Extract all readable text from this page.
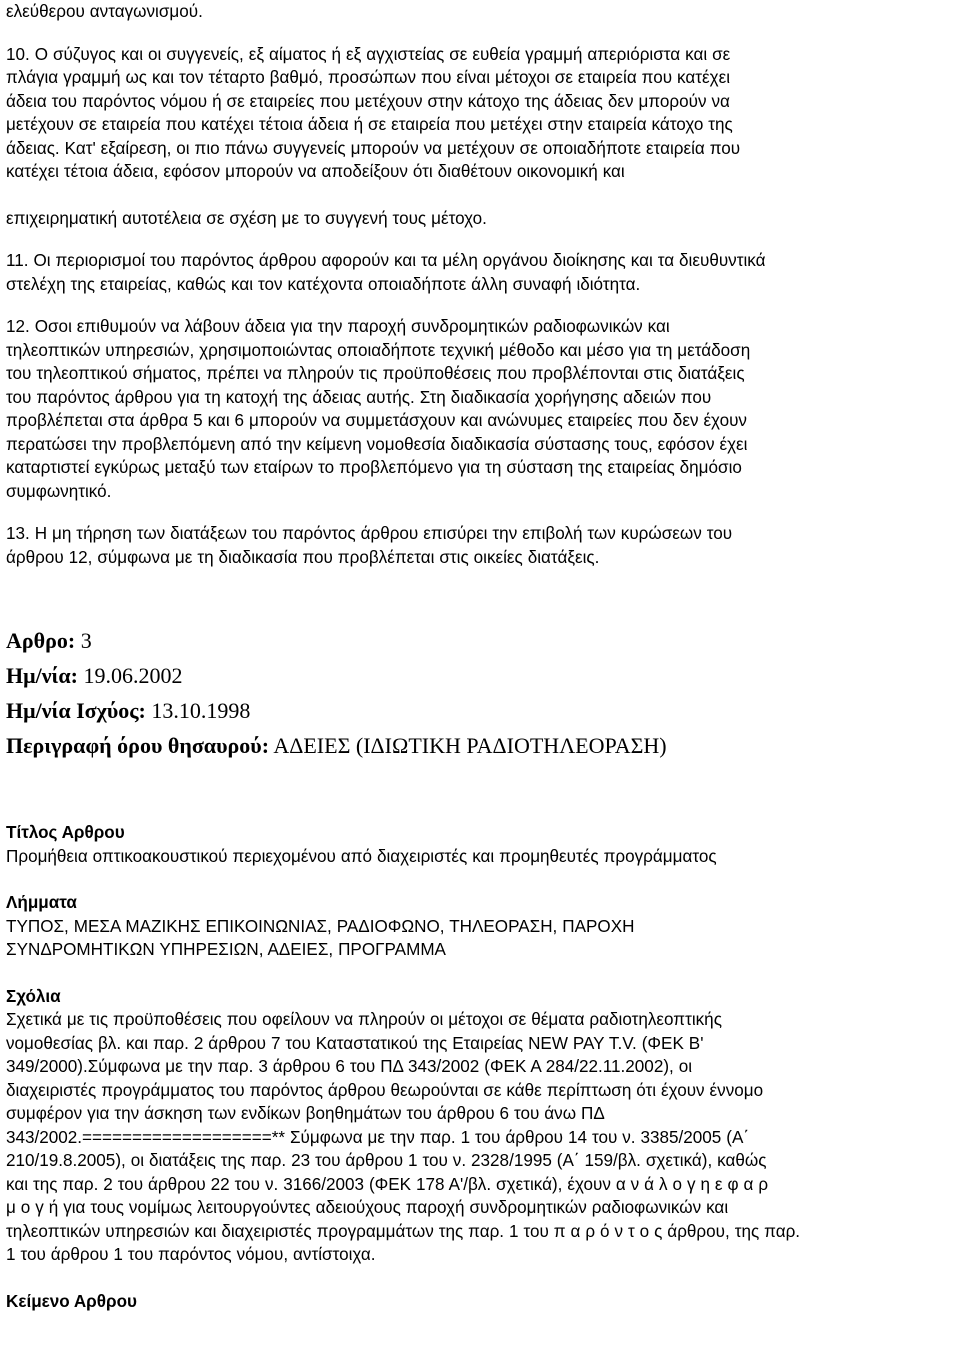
ελεύθερου ανταγωνισμού.

10. Ο σύζυγος και οι συγγενείς, εξ αίματος ή εξ αγχιστείας σε ευθεία γραμμή απεριόριστα και σε

πλάγια γραμμή ως και τον τέταρτο βαθμό, προσώπων που είναι μέτοχοι σε εταιρεία που κατέχει

άδεια του παρόντος νόμου ή σε εταιρείες που μετέχουν στην κάτοχο της άδειας δεν μπορούν να

μετέχουν σε εταιρεία που κατέχει τέτοια άδεια ή σε εταιρεία που μετέχει στην εταιρεία κάτοχο της

άδειας. Κατ' εξαίρεση, οι πιο πάνω συγγενείς μπορούν να μετέχουν σε οποιαδήποτε εταιρεία που

κατέχει τέτοια άδεια, εφόσον μπορούν να αποδείξουν ότι διαθέτουν οικονομική και

επιχειρηματική αυτοτέλεια σε σχέση με το συγγενή τους μέτοχο.

11. Οι περιορισμοί του παρόντος άρθρου αφορούν και τα μέλη οργάνου διοίκησης και τα διευθυντικά

στελέχη της εταιρείας, καθώς και τον κατέχοντα οποιαδήποτε άλλη συναφή ιδιότητα.

12. Οσοι επιθυμούν να λάβουν άδεια για την παροχή συνδρομητικών ραδιοφωνικών και

τηλεοπτικών υπηρεσιών, χρησιμοποιώντας οποιαδήποτε τεχνική μέθοδο και μέσο για τη μετάδοση

του τηλεοπτικού σήματος, πρέπει να πληρούν τις προϋποθέσεις που προβλέπονται στις διατάξεις

του παρόντος άρθρου για τη κατοχή της άδειας αυτής. Στη διαδικασία χορήγησης αδειών που

προβλέπεται στα άρθρα 5 και 6 μπορούν να συμμετάσχουν και ανώνυμες εταιρείες που δεν έχουν

περατώσει την προβλεπόμενη από την κείμενη νομοθεσία διαδικασία σύστασης τους, εφόσον έχει

καταρτιστεί εγκύρως μεταξύ των εταίρων το προβλεπόμενο για τη σύσταση της εταιρείας δημόσιο

συμφωνητικό.

13. Η μη τήρηση των διατάξεων του παρόντος άρθρου επισύρει την επιβολή των κυρώσεων του

άρθρου 12, σύμφωνα με τη διαδικασία που προβλέπεται στις οικείες διατάξεις.

Αρθρο: 3

Ημ/νία: 19.06.2002

Ημ/νία Ισχύος: 13.10.1998

Περιγραφή όρου θησαυρού: ΑΔΕΙΕΣ (ΙΔΙΩΤΙΚΗ ΡΑΔΙΟΤΗΛΕΟΡΑΣΗ)

Τίτλος Αρθρου

Προμήθεια οπτικοακουστικού περιεχομένου από διαχειριστές και προμηθευτές προγράμματος

Λήμματα

ΤΥΠΟΣ, ΜΕΣΑ ΜΑΖΙΚΗΣ ΕΠΙΚΟΙΝΩΝΙΑΣ, ΡΑΔΙΟΦΩΝΟ, ΤΗΛΕΟΡΑΣΗ, ΠΑΡΟΧΗ

ΣΥΝΔΡΟΜΗΤΙΚΩΝ ΥΠΗΡΕΣΙΩΝ, ΑΔΕΙΕΣ, ΠΡΟΓΡΑΜΜΑ

Σχόλια

Σχετικά με τις προϋποθέσεις που οφείλουν να πληρούν οι μέτοχοι σε θέματα ραδιοτηλεοπτικής

νομοθεσίας βλ. και παρ. 2 άρθρου 7 του Καταστατικού της Εταιρείας NEW PAY T.V. (ΦΕΚ Β'

349/2000).Σύμφωνα με την παρ. 3 άρθρου 6 του ΠΔ 343/2002 (ΦΕΚ Α 284/22.11.2002), οι

διαχειριστές προγράμματος του παρόντος άρθρου θεωρούνται σε κάθε περίπτωση ότι έχουν έννομο

συμφέρον για την άσκηση των ενδίκων βοηθημάτων του άρθρου 6 του άνω ΠΔ

343/2002.===================** Σύμφωνα με την παρ. 1 του άρθρου 14 του ν. 3385/2005 (Α΄

210/19.8.2005), οι διατάξεις της παρ. 23 του άρθρου 1 του ν. 2328/1995 (Α΄ 159/βλ. σχετικά), καθώς

και της παρ. 2 του άρθρου 22 του ν. 3166/2003 (ΦΕΚ 178 Α'/βλ. σχετικά), έχουν α ν ά λ ο γ η ε φ α ρ

μ ο γ ή για τους νομίμως λειτουργούντες αδειούχους παροχή συνδρομητικών ραδιοφωνικών και

τηλεοπτικών υπηρεσιών και διαχειριστές προγραμμάτων της παρ. 1 του π α ρ ό ν τ ο ς άρθρου, της παρ.

1 του άρθρου 1 του παρόντος νόμου, αντίστοιχα.

Κείμενο Αρθρου
